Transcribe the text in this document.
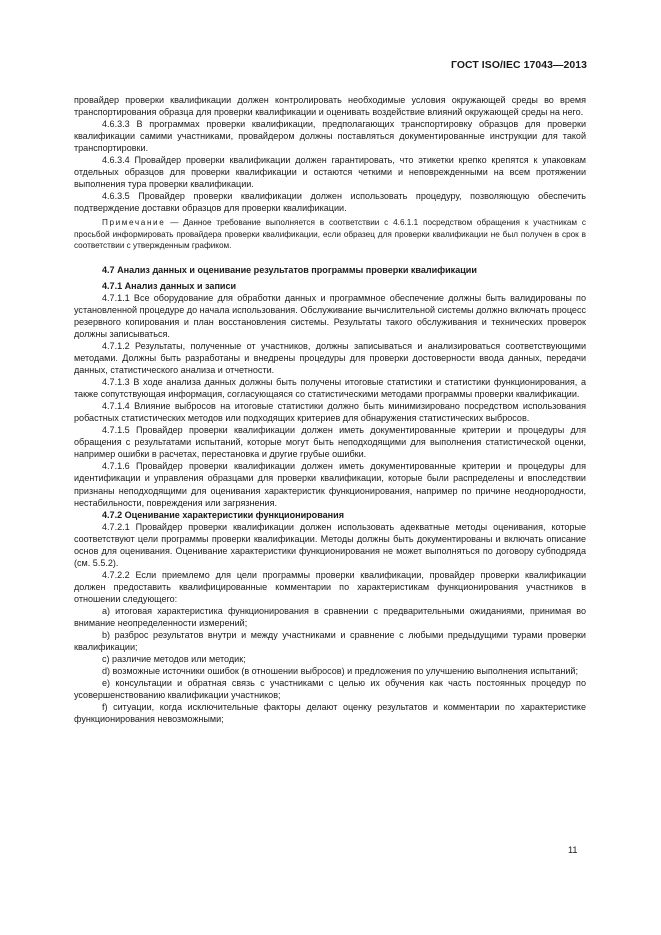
ГОСТ ISO/IEC 17043—2013

провайдер проверки квалификации должен контролировать необходимые условия окружающей среды во время транспортирования образца для проверки квалификации и оценивать воздействие влияний окружающей среды на него.

4.6.3.3 В программах проверки квалификации, предполагающих транспортировку образцов для проверки квалификации самими участниками, провайдером должны поставляться документированные инструкции для такой транспортировки.

4.6.3.4 Провайдер проверки квалификации должен гарантировать, что этикетки крепко крепятся к упаковкам отдельных образцов для проверки квалификации и остаются четкими и неповрежденными на всем протяжении выполнения тура проверки квалификации.

4.6.3.5 Провайдер проверки квалификации должен использовать процедуру, позволяющую обеспечить подтверждение доставки образцов для проверки квалификации.

Примечание — Данное требование выполняется в соответствии с 4.6.1.1 посредством обращения к участникам с просьбой информировать провайдера проверки квалификации, если образец для проверки квалификации не был получен в срок в соответствии с утвержденным графиком.

4.7 Анализ данных и оценивание результатов программы проверки квалификации

4.7.1 Анализ данных и записи

4.7.1.1 Все оборудование для обработки данных и программное обеспечение должны быть валидированы по установленной процедуре до начала использования. Обслуживание вычислительной системы должно включать процесс резервного копирования и план восстановления системы. Результаты такого обслуживания и технических проверок должны записываться.

4.7.1.2 Результаты, полученные от участников, должны записываться и анализироваться соответствующими методами. Должны быть разработаны и внедрены процедуры для проверки достоверности ввода данных, передачи данных, статистического анализа и отчетности.

4.7.1.3 В ходе анализа данных должны быть получены итоговые статистики и статистики функционирования, а также сопутствующая информация, согласующаяся со статистическими методами программы проверки квалификации.

4.7.1.4 Влияние выбросов на итоговые статистики должно быть минимизировано посредством использования робастных статистических методов или подходящих критериев для обнаружения статистических выбросов.

4.7.1.5 Провайдер проверки квалификации должен иметь документированные критерии и процедуры для обращения с результатами испытаний, которые могут быть неподходящими для выполнения статистической оценки, например ошибки в расчетах, перестановка и другие грубые ошибки.

4.7.1.6 Провайдер проверки квалификации должен иметь документированные критерии и процедуры для идентификации и управления образцами для проверки квалификации, которые были распределены и впоследствии признаны неподходящими для оценивания характеристик функционирования, например по причине неоднородности, нестабильности, повреждения или загрязнения.

4.7.2 Оценивание характеристики функционирования

4.7.2.1 Провайдер проверки квалификации должен использовать адекватные методы оценивания, которые соответствуют цели программы проверки квалификации. Методы должны быть документированы и включать описание основ для оценивания. Оценивание характеристики функционирования не может выполняться по договору субподряда (см. 5.5.2).

4.7.2.2 Если приемлемо для цели программы проверки квалификации, провайдер проверки квалификации должен предоставить квалифицированные комментарии по характеристикам функционирования участников в отношении следующего:

a) итоговая характеристика функционирования в сравнении с предварительными ожиданиями, принимая во внимание неопределенности измерений;

b) разброс результатов внутри и между участниками и сравнение с любыми предыдущими турами проверки квалификации;

c) различие методов или методик;

d) возможные источники ошибок (в отношении выбросов) и предложения по улучшению выполнения испытаний;

e) консультации и обратная связь с участниками с целью их обучения как часть постоянных процедур по усовершенствованию квалификации участников;

f) ситуации, когда исключительные факторы делают оценку результатов и комментарии по характеристике функционирования невозможными;

11
